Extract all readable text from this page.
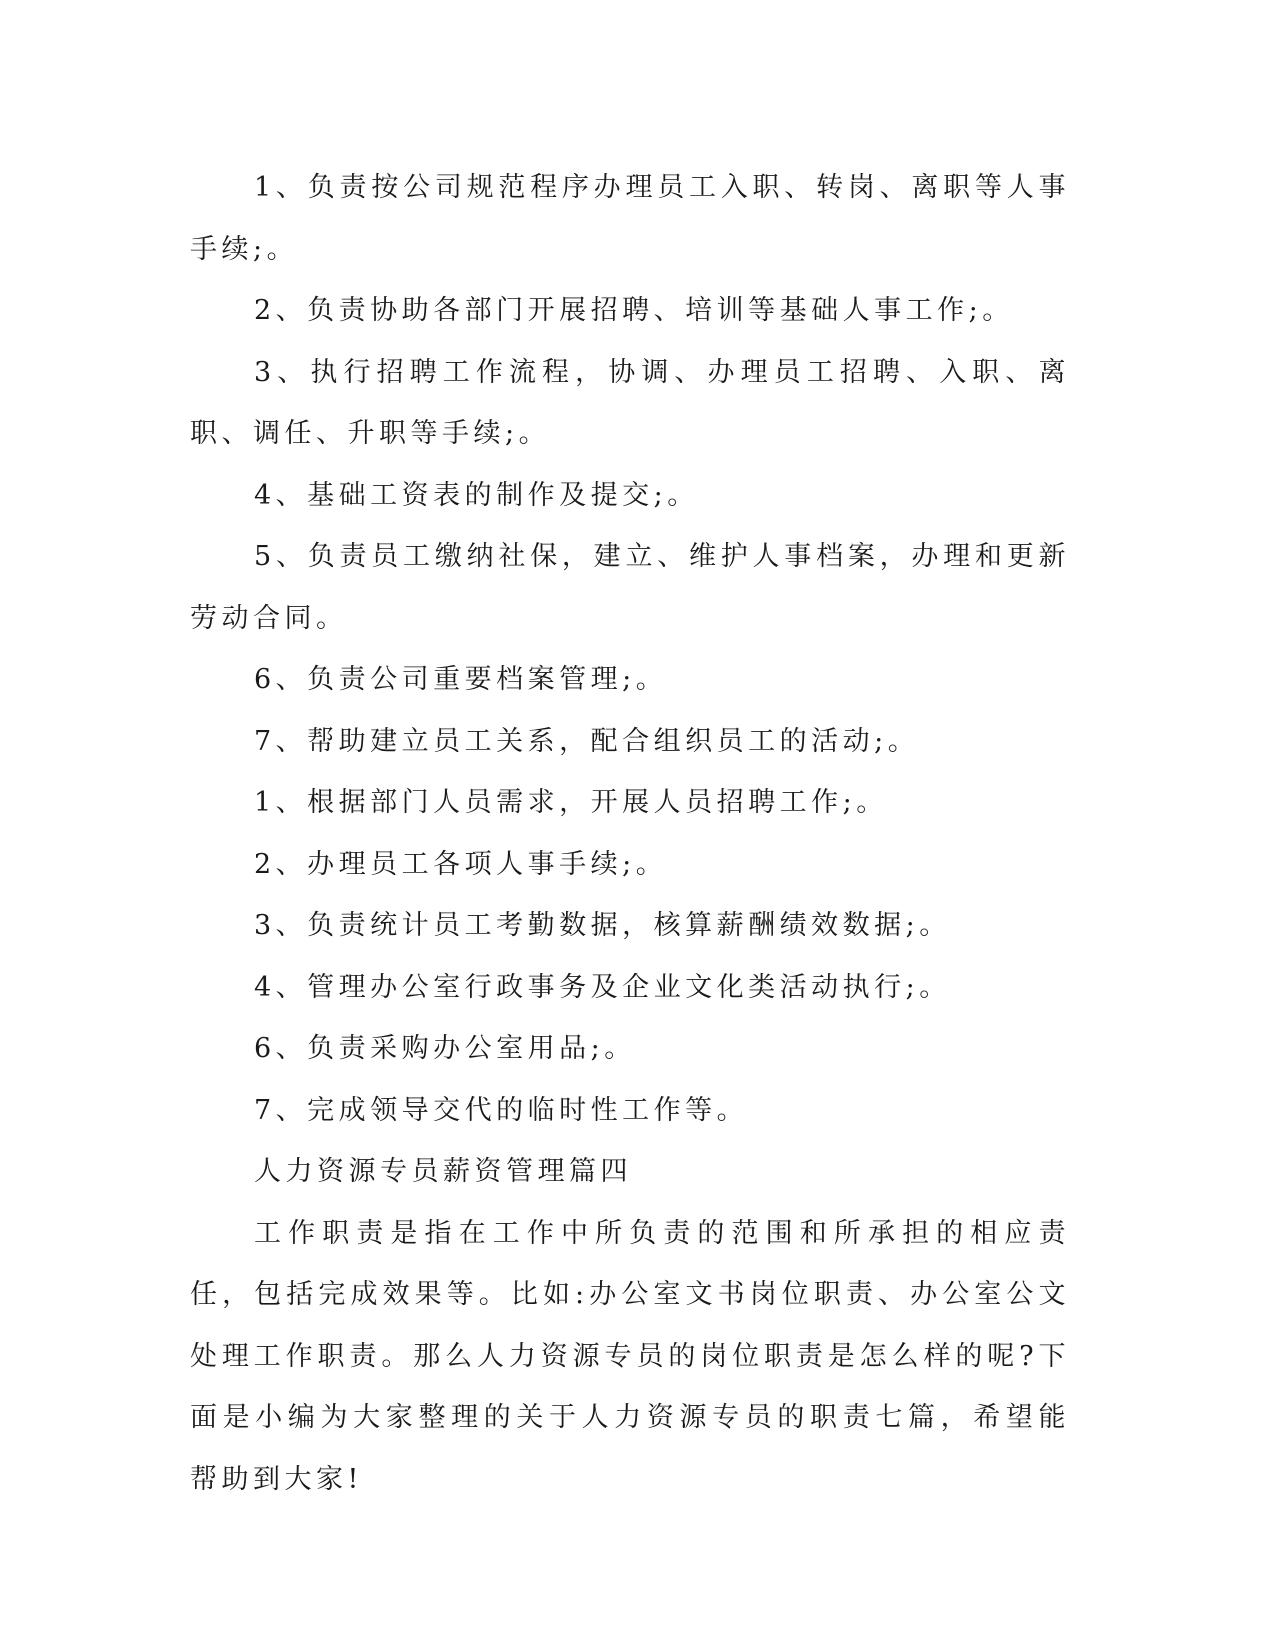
1、负责按公司规范程序办理员工入职、转岗、离职等人事手续;。

2、负责协助各部门开展招聘、培训等基础人事工作;。

3、执行招聘工作流程，协调、办理员工招聘、入职、离职、调任、升职等手续;。

4、基础工资表的制作及提交;。

5、负责员工缴纳社保，建立、维护人事档案，办理和更新劳动合同。

6、负责公司重要档案管理;。

7、帮助建立员工关系，配合组织员工的活动;。

1、根据部门人员需求，开展人员招聘工作;。

2、办理员工各项人事手续;。

3、负责统计员工考勤数据，核算薪酬绩效数据;。

4、管理办公室行政事务及企业文化类活动执行;。

6、负责采购办公室用品;。

7、完成领导交代的临时性工作等。

人力资源专员薪资管理篇四

工作职责是指在工作中所负责的范围和所承担的相应责任，包括完成效果等。比如:办公室文书岗位职责、办公室公文处理工作职责。那么人力资源专员的岗位职责是怎么样的呢?下面是小编为大家整理的关于人力资源专员的职责七篇，希望能帮助到大家!
